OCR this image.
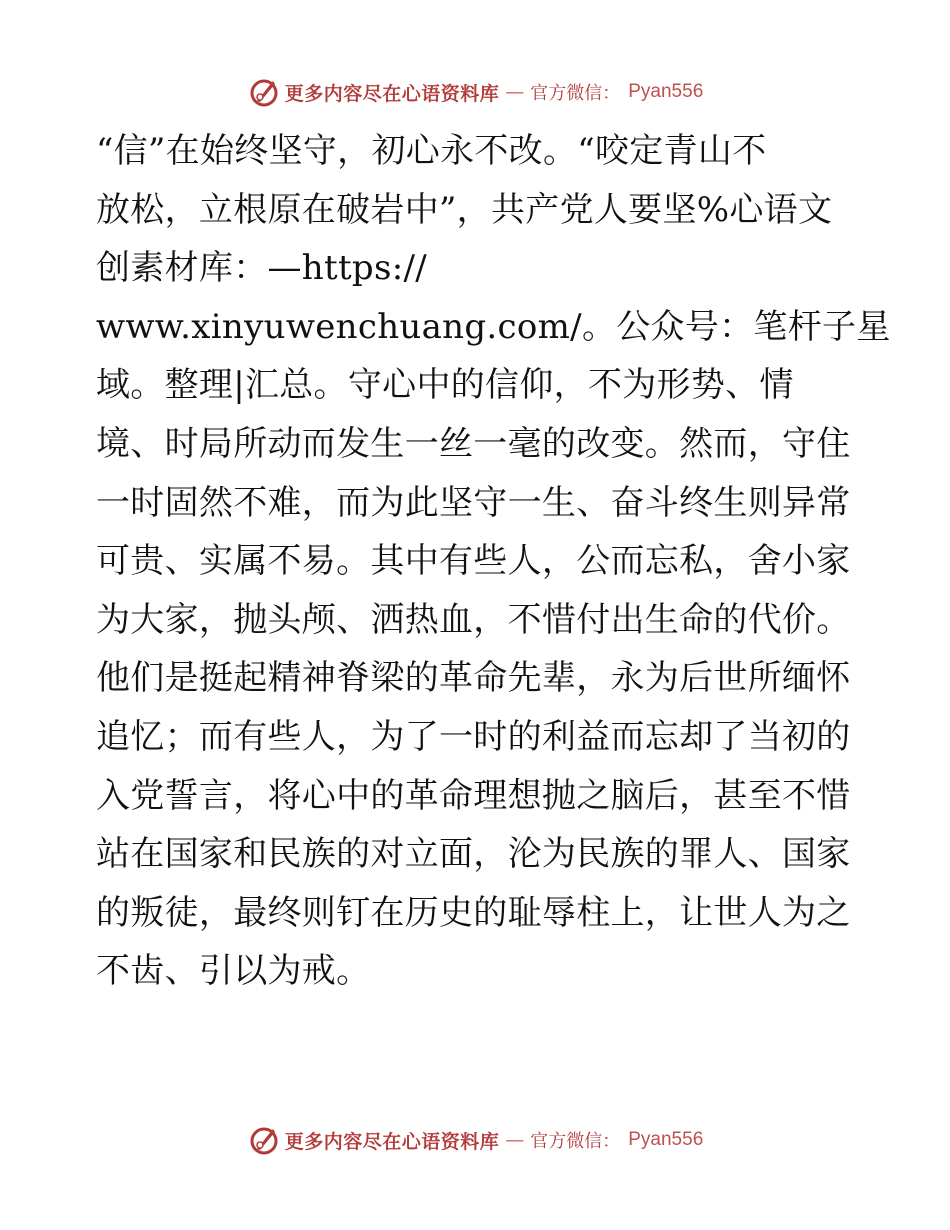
更多内容尽在心语资料库 — 官方微信： Pyan556
“信”在始终坚守，初心永不改。“咬定青山不
放松，立根原在破岩中”，共产党人要坚%心语文
创素材库：—https://
www.xinyuwenchuang.com/。公众号：笔杆子星
域。整理|汇总。守心中的信仰，不为形势、情
境、时局所动而发生一丝一毫的改变。然而，守住
一时固然不难，而为此坚守一生、奋斗终生则异常
可贵、实属不易。其中有些人，公而忘私，舍小家
为大家，抛头颅、洒热血，不惜付出生命的代价。
他们是挺起精神脊梁的革命先辈，永为后世所缅怀
追忆；而有些人，为了一时的利益而忘却了当初的
入党誓言，将心中的革命理想抛之脑后，甚至不惜
站在国家和民族的对立面，沦为民族的罪人、国家
的叛徒，最终则钉在历史的耻辱柱上，让世人为之
不齿、引以为戒。
更多内容尽在心语资料库 — 官方微信： Pyan556
